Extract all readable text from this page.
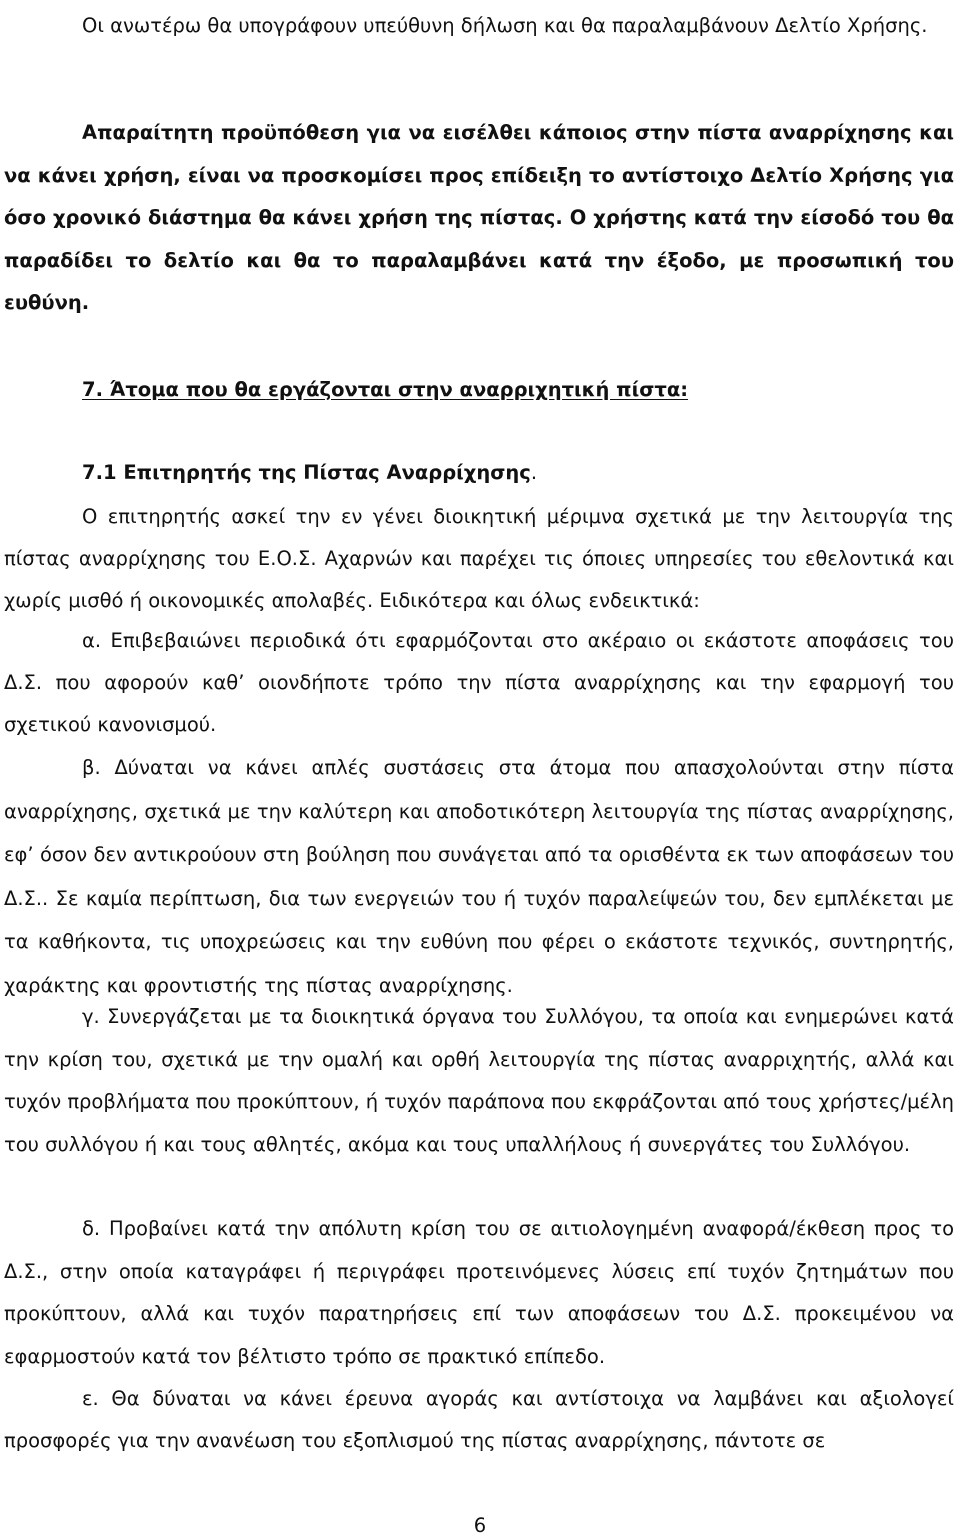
Οι ανωτέρω θα υπογράφουν υπεύθυνη δήλωση και θα παραλαμβάνουν Δελτίο Χρήσης.

Απαραίτητη προϋπόθεση για να εισέλθει κάποιος στην πίστα αναρρίχησης και να κάνει χρήση, είναι να προσκομίσει προς επίδειξη το αντίστοιχο Δελτίο Χρήσης για όσο χρονικό διάστημα θα κάνει χρήση της πίστας. Ο χρήστης κατά την είσοδό του θα παραδίδει το δελτίο και θα το παραλαμβάνει κατά την έξοδο, με προσωπική του ευθύνη.

7. Άτομα που θα εργάζονται στην αναρριχητική πίστα:

7.1 Επιτηρητής της Πίστας Αναρρίχησης.

Ο επιτηρητής ασκεί την εν γένει διοικητική μέριμνα σχετικά με την λειτουργία της πίστας αναρρίχησης του Ε.Ο.Σ. Αχαρνών και παρέχει τις όποιες υπηρεσίες του εθελοντικά και χωρίς μισθό ή οικονομικές απολαβές. Ειδικότερα και όλως ενδεικτικά:

α. Επιβεβαιώνει περιοδικά ότι εφαρμόζονται στο ακέραιο οι εκάστοτε αποφάσεις του Δ.Σ. που αφορούν καθ’ οιονδήποτε τρόπο την πίστα αναρρίχησης και την εφαρμογή του σχετικού κανονισμού.

β. Δύναται να κάνει απλές συστάσεις στα άτομα που απασχολούνται στην πίστα αναρρίχησης, σχετικά με την καλύτερη και αποδοτικότερη λειτουργία της πίστας αναρρίχησης, εφ’ όσον δεν αντικρούουν στη βούληση που συνάγεται από τα ορισθέντα εκ των αποφάσεων του Δ.Σ.. Σε καμία περίπτωση, δια των ενεργειών του ή τυχόν παραλείψεών του, δεν εμπλέκεται με τα καθήκοντα, τις υποχρεώσεις και την ευθύνη που φέρει ο εκάστοτε τεχνικός, συντηρητής, χαράκτης και φροντιστής της πίστας αναρρίχησης.

γ. Συνεργάζεται με τα διοικητικά όργανα του Συλλόγου, τα οποία και ενημερώνει κατά την κρίση του, σχετικά με την ομαλή και ορθή λειτουργία της πίστας αναρριχητής, αλλά και τυχόν προβλήματα που προκύπτουν, ή τυχόν παράπονα που εκφράζονται από τους χρήστες/μέλη του συλλόγου ή και τους αθλητές, ακόμα και τους υπαλλήλους ή συνεργάτες του Συλλόγου.

δ. Προβαίνει κατά την απόλυτη κρίση του σε αιτιολογημένη αναφορά/έκθεση προς το Δ.Σ., στην οποία καταγράφει ή περιγράφει προτεινόμενες λύσεις επί τυχόν ζητημάτων που προκύπτουν, αλλά και τυχόν παρατηρήσεις επί των αποφάσεων του Δ.Σ. προκειμένου να εφαρμοστούν κατά τον βέλτιστο τρόπο σε πρακτικό επίπεδο.

ε. Θα δύναται να κάνει έρευνα αγοράς και αντίστοιχα να λαμβάνει και αξιολογεί προσφορές για την ανανέωση του εξοπλισμού της πίστας αναρρίχησης, πάντοτε σε

6
